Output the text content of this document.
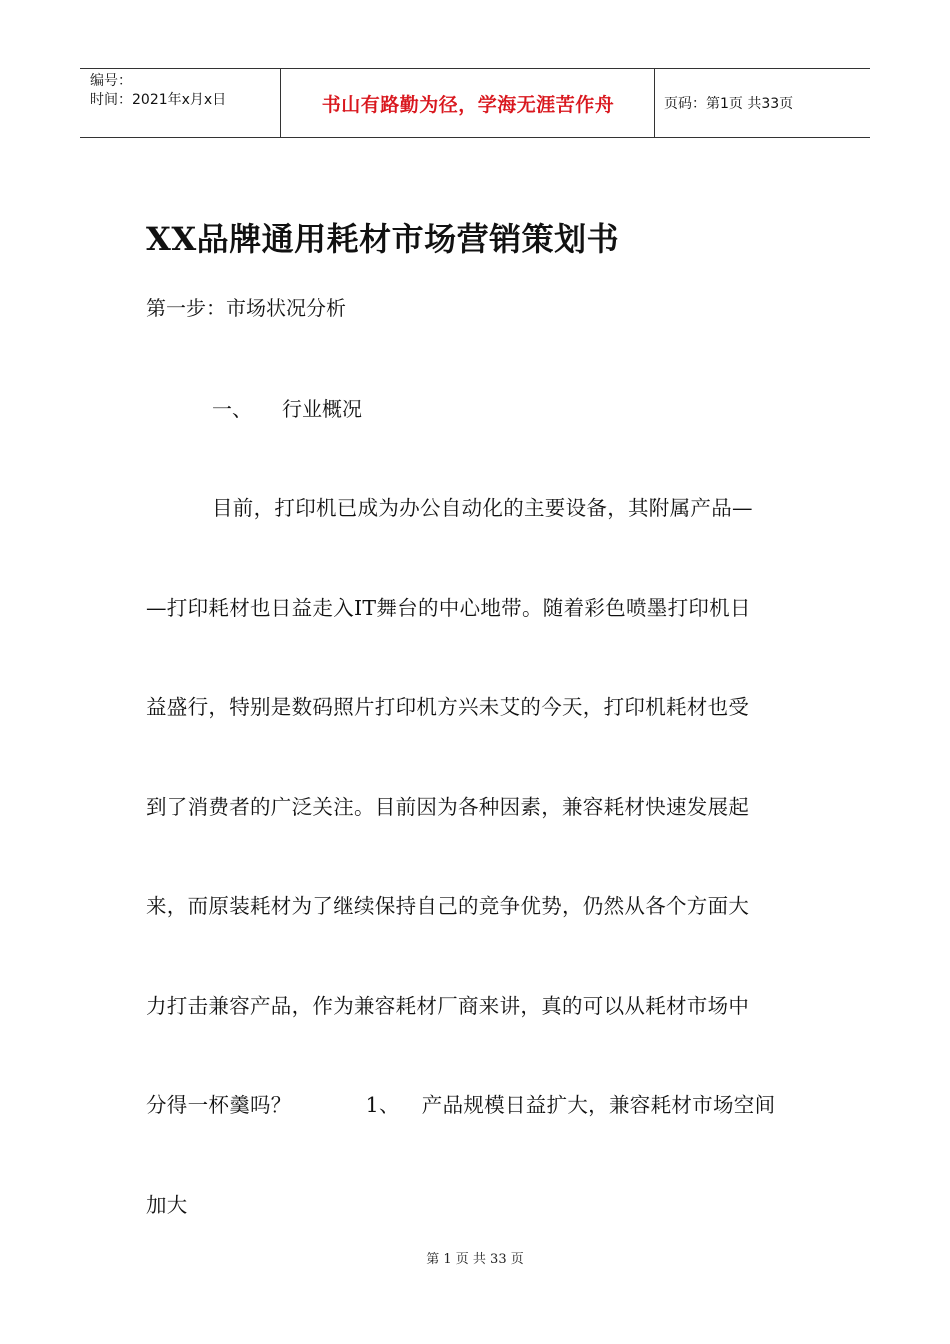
编号：
时间：2021年x月x日	书山有路勤为径，学海无涯苦作舟	页码：第1页 共33页
XX品牌通用耗材市场营销策划书
第一步：市场状况分析
一、 行业概况
目前，打印机已成为办公自动化的主要设备，其附属产品—
—打印耗材也日益走入IT舞台的中心地带。随着彩色喷墨打印机日
益盛行，特别是数码照片打印机方兴未艾的今天，打印机耗材也受
到了消费者的广泛关注。目前因为各种因素，兼容耗材快速发展起
来，而原装耗材为了继续保持自己的竞争优势，仍然从各个方面大
力打击兼容产品，作为兼容耗材厂商来讲，真的可以从耗材市场中
分得一杯羹吗？	1、 产品规模日益扩大，兼容耗材市场空间
加大
第 1 页 共 33 页
